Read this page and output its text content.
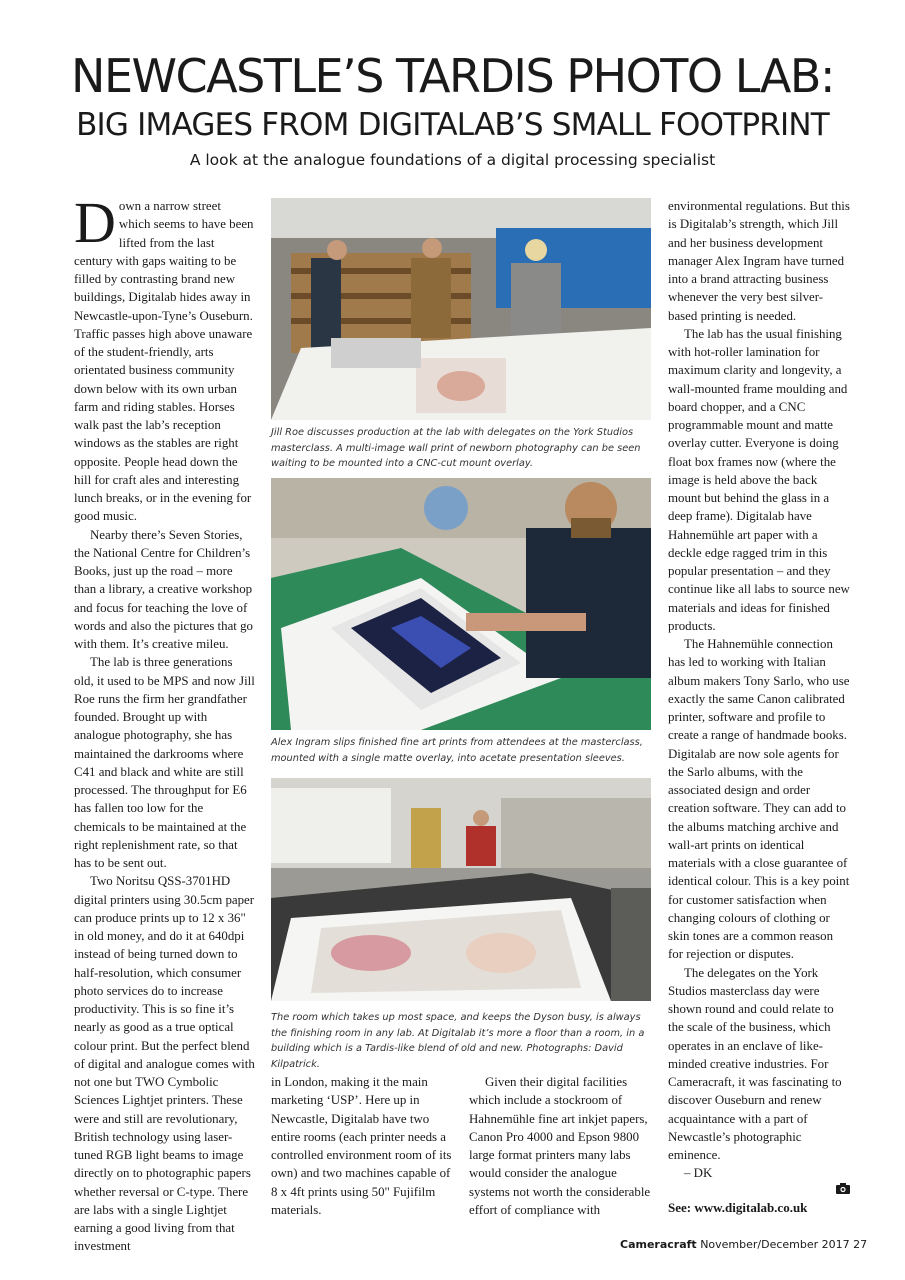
NEWCASTLE’S TARDIS PHOTO LAB:
BIG IMAGES FROM DIGITALAB’S SMALL FOOTPRINT
A look at the analogue foundations of a digital processing specialist

Down a narrow street which seems to have been lifted from the last century with gaps waiting to be filled by contrasting brand new buildings, Digitalab hides away in Newcastle-upon-Tyne’s Ouseburn. Traffic passes high above unaware of the student-friendly, arts orientated business community down below with its own urban farm and riding stables. Horses walk past the lab’s reception windows as the stables are right opposite. People head down the hill for craft ales and interesting lunch breaks, or in the evening for good music.

Nearby there’s Seven Stories, the National Centre for Children’s Books, just up the road – more than a library, a creative workshop and focus for teaching the love of words and also the pictures that go with them. It’s creative mileu.

The lab is three generations old, it used to be MPS and now Jill Roe runs the firm her grandfather founded. Brought up with analogue photography, she has maintained the darkrooms where C41 and black and white are still processed. The throughput for E6 has fallen too low for the chemicals to be maintained at the right replenishment rate, so that has to be sent out.

Two Noritsu QSS-3701HD digital printers using 30.5cm paper can produce prints up to 12 x 36" in old money, and do it at 640dpi instead of being turned down to half-resolution, which consumer photo services do to increase productivity. This is so fine it’s nearly as good as a true optical colour print. But the perfect blend of digital and analogue comes with not one but TWO Cymbolic Sciences Lightjet printers. These were and still are revolutionary, British technology using laser-tuned RGB light beams to image directly on to photographic papers whether reversal or C-type. There are labs with a single Lightjet earning a good living from that investment

Jill Roe discusses production at the lab with delegates on the York Studios masterclass. A multi-image wall print of newborn photography can be seen waiting to be mounted into a CNC-cut mount overlay.
Alex Ingram slips finished fine art prints from attendees at the masterclass, mounted with a single matte overlay, into acetate presentation sleeves.
The room which takes up most space, and keeps the Dyson busy, is always the finishing room in any lab. At Digitalab it’s more a floor than a room, in a building which is a Tardis-like blend of old and new. Photographs: David Kilpatrick.

in London, making it the main marketing ‘USP’. Here up in Newcastle, Digitalab have two entire rooms (each printer needs a controlled environment room of its own) and two machines capable of 8 x 4ft prints using 50" Fujifilm materials.

Given their digital facilities which include a stockroom of Hahnemühle fine art inkjet papers, Canon Pro 4000 and Epson 9800 large format printers many labs would consider the analogue systems not worth the considerable effort of compliance with

environmental regulations. But this is Digitalab’s strength, which Jill and her business development manager Alex Ingram have turned into a brand attracting business whenever the very best silver-based printing is needed.

The lab has the usual finishing with hot-roller lamination for maximum clarity and longevity, a wall-mounted frame moulding and board chopper, and a CNC programmable mount and matte overlay cutter. Everyone is doing float box frames now (where the image is held above the back mount but behind the glass in a deep frame). Digitalab have Hahnemühle art paper with a deckle edge ragged trim in this popular presentation – and they continue like all labs to source new materials and ideas for finished products.

The Hahnemühle connection has led to working with Italian album makers Tony Sarlo, who use exactly the same Canon calibrated printer, software and profile to create a range of handmade books. Digitalab are now sole agents for the Sarlo albums, with the associated design and order creation software. They can add to the albums matching archive and wall-art prints on identical materials with a close guarantee of identical colour. This is a key point for customer satisfaction when changing colours of clothing or skin tones are a common reason for rejection or disputes.

The delegates on the York Studios masterclass day were shown round and could relate to the scale of the business, which operates in an enclave of like-minded creative industries. For Cameracraft, it was fascinating to discover Ouseburn and renew acquaintance with a part of Newcastle’s photographic eminence.

– DK

See: www.digitalab.co.uk
Cameracraft November/December 2017 27
